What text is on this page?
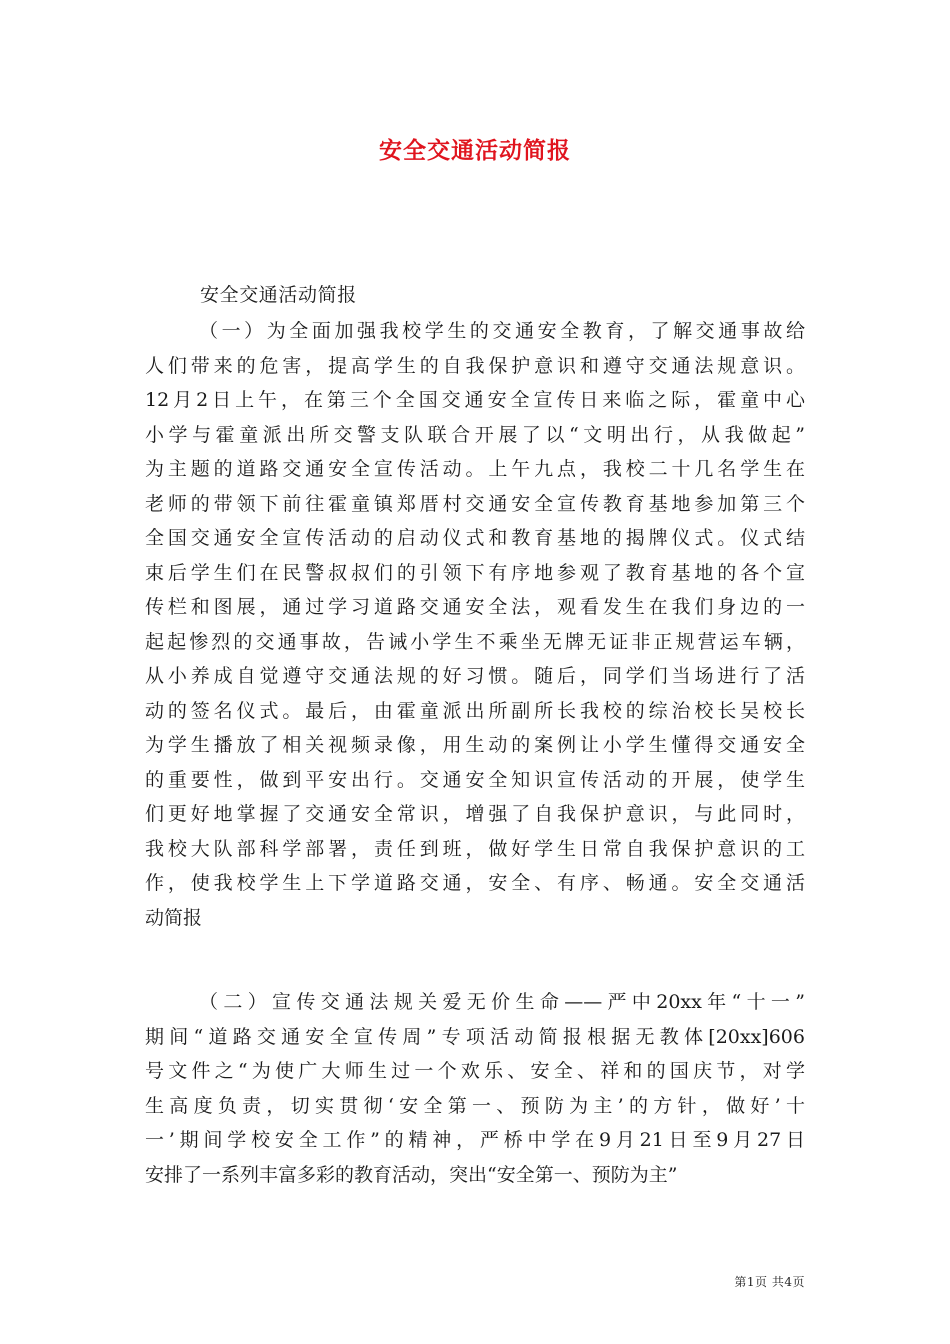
安全交通活动简报

安全交通活动简报

（一）为全面加强我校学生的交通安全教育，了解交通事故给
人们带来的危害，提高学生的自我保护意识和遵守交通法规意识。
12月2日上午，在第三个全国交通安全宣传日来临之际，霍童中心
小学与霍童派出所交警支队联合开展了以“文明出行，从我做起”
为主题的道路交通安全宣传活动。上午九点，我校二十几名学生在
老师的带领下前往霍童镇郑厝村交通安全宣传教育基地参加第三个
全国交通安全宣传活动的启动仪式和教育基地的揭牌仪式。仪式结
束后学生们在民警叔叔们的引领下有序地参观了教育基地的各个宣
传栏和图展，通过学习道路交通安全法，观看发生在我们身边的一
起起惨烈的交通事故，告诫小学生不乘坐无牌无证非正规营运车辆，
从小养成自觉遵守交通法规的好习惯。随后，同学们当场进行了活
动的签名仪式。最后，由霍童派出所副所长我校的综治校长吴校长
为学生播放了相关视频录像，用生动的案例让小学生懂得交通安全
的重要性，做到平安出行。交通安全知识宣传活动的开展，使学生
们更好地掌握了交通安全常识，增强了自我保护意识，与此同时，
我校大队部科学部署，责任到班，做好学生日常自我保护意识的工
作，使我校学生上下学道路交通，安全、有序、畅通。安全交通活
动简报
（二）宣传交通法规关爱无价生命——严中20xx年“十一”
期间“道路交通安全宣传周”专项活动简报根据无教体[20xx]606
号文件之“为使广大师生过一个欢乐、安全、祥和的国庆节，对学
生高度负责，切实贯彻‘安全第一、预防为主’的方针，做好’十
一’期间学校安全工作”的精神，严桥中学在9月21日至9月27日
安排了一系列丰富多彩的教育活动，突出“安全第一、预防为主”
第1页 共4页
